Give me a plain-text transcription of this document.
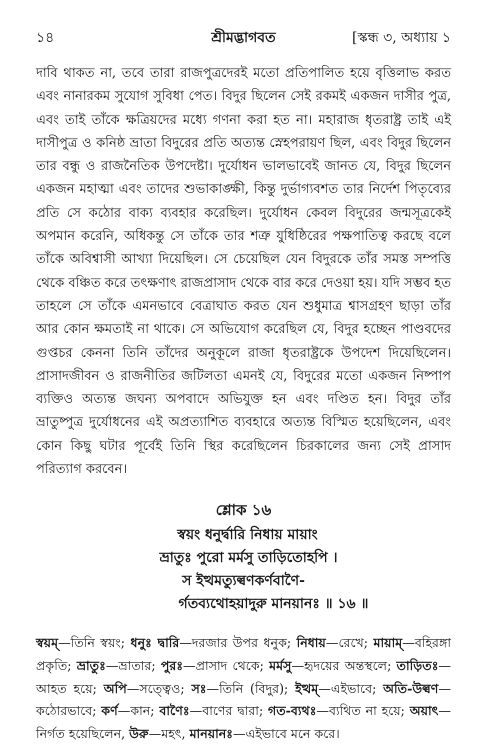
১৪	শ্রীমদ্ভাগবত	[স্কন্ধ ৩, অধ্যায় ১
দাবি থাকত না, তবে তারা রাজপুত্রদেরই মতো প্রতিপালিত হয়ে বৃত্তিলাভ করত এবং নানারকম সুযোগ সুবিধা পেত। বিদুর ছিলেন সেই রকমই একজন দাসীর পুত্র, এবং তাই তাঁকে ক্ষত্রিয়দের মধ্যে গণনা করা হত না। মহারাজ ধৃতরাষ্ট্র তাই এই দাসীপুত্র ও কনিষ্ঠ ভ্রাতা বিদুরের প্রতি অত্যন্ত স্নেহপরায়ণ ছিল, এবং বিদুর ছিলেন তার বন্ধু ও রাজনৈতিক উপদেষ্টা। দুর্যোধন ভালভাবেই জানত যে, বিদুর ছিলেন একজন মহাত্মা এবং তাদের শুভাকাঙ্ক্ষী, কিন্তু দুর্ভাগ্যবশত তার নির্দেশ পিতৃব্যের প্রতি সে কঠোর বাক্য ব্যবহার করেছিল। দুর্যোধন কেবল বিদুরের জন্মসূত্রকেই অপমান করেনি, অধিকন্তু সে তাঁকে তার শত্রু যুধিষ্ঠিরের পক্ষপাতিত্ব করছে বলে তাঁকে অবিশ্বাসী আখ্যা দিয়েছিল। সে চেয়েছিল যেন বিদুরকে তাঁর সমস্ত সম্পত্তি থেকে বঞ্চিত করে তৎক্ষণাৎ রাজপ্রাসাদ থেকে বার করে দেওয়া হয়। যদি সম্ভব হত তাহলে সে তাঁকে এমনভাবে বেত্রাঘাত করত যেন শুধুমাত্র শ্বাসগ্রহণ ছাড়া তাঁর আর কোন ক্ষমতাই না থাকে। সে অভিযোগ করেছিল যে, বিদুর হচ্ছেন পাণ্ডবদের গুপ্তচর কেননা তিনি তাঁদের অনুকূলে রাজা ধৃতরাষ্ট্রকে উপদেশ দিয়েছিলেন। প্রাসাদজীবন ও রাজনীতির জটিলতা এমনই যে, বিদুরের মতো একজন নিষ্পাপ ব্যক্তিও অত্যন্ত জঘন্য অপবাদে অভিযুক্ত হন এবং দণ্ডিত হন। বিদুর তাঁর ভ্রাতুষ্পুত্র দুর্যোধনের এই অপ্রত্যাশিত ব্যবহারে অত্যন্ত বিস্মিত হয়েছিলেন, এবং কোন কিছু ঘটার পূর্বেই তিনি স্থির করেছিলেন চিরকালের জন্য সেই প্রাসাদ পরিত্যাগ করবেন।
শ্লোক ১৬
স্বয়ং ধনুর্দ্বারি নিধায় মায়াং
ভ্রাতুঃ পুরো মর্মসু তাড়িতোহপি ।
স ইত্থমত্যুল্বণকর্ণবাণৈ-
র্গতব্যথোহয়াদুরু মানয়ানঃ ॥ ১৬ ॥
স্বয়ম্—তিনি স্বয়ং; ধনুঃ দ্বারি—দরজার উপর ধনুক; নিধায়—রেখে; মায়াম্—বহিরঙ্গা প্রকৃতি; ভ্রাতুঃ—ভ্রাতার; পুরঃ—প্রাসাদ থেকে; মর্মসু—হৃদয়ের অন্তস্থলে; তাড়িতঃ—আহত হয়ে; অপি—সত্ত্বেও; সঃ—তিনি (বিদুর); ইত্থম্—এইভাবে; অতি-উল্বণ—কঠোরভাবে; কর্ণ—কান; বাণৈঃ—বাণের দ্বারা; গত-ব্যথঃ—ব্যথিত না হয়ে; অয়াৎ—নির্গত হয়েছিলেন, উরু—মহৎ, মানয়ানঃ—এইভাবে মনে করে।
